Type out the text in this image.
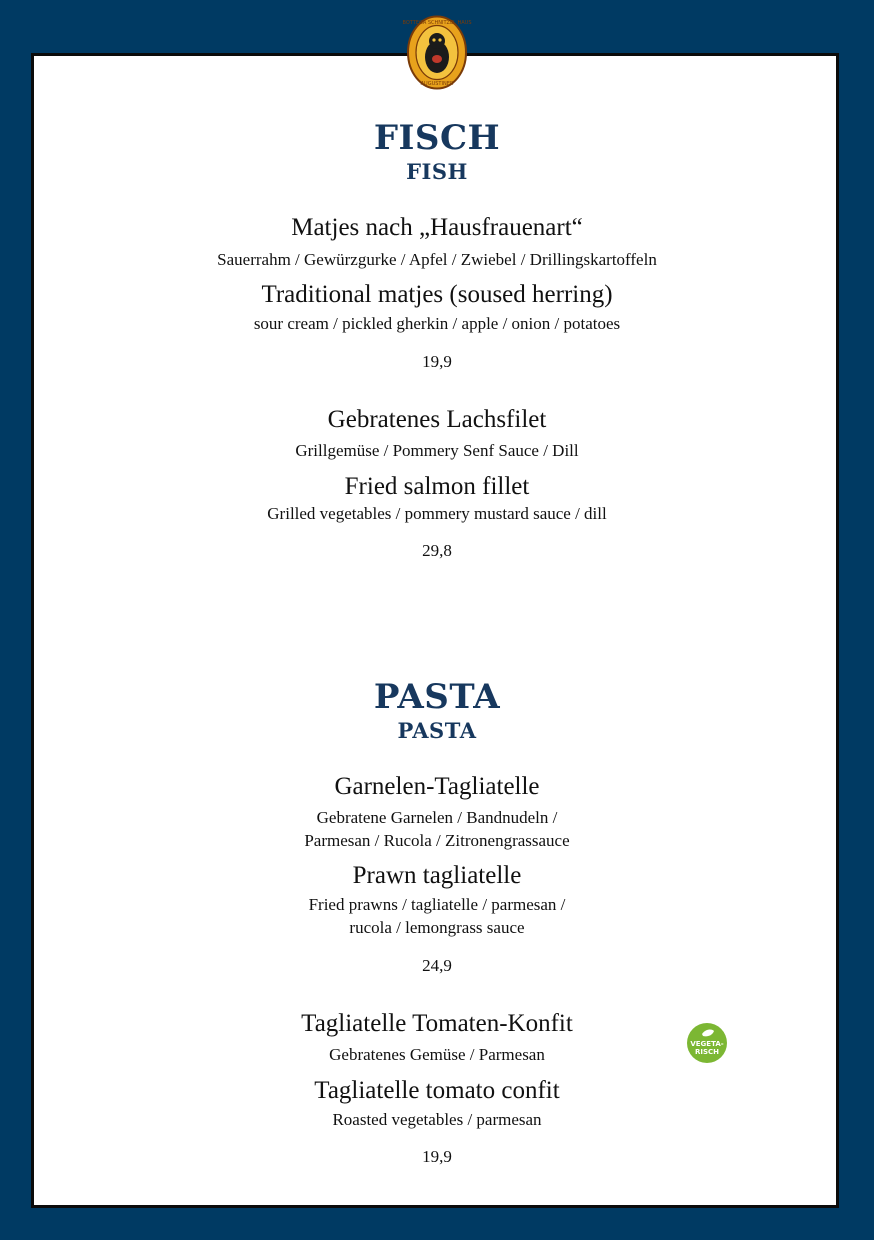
BOTTEGA SCHNITZEL HAUS
AUGUSTINER
FISCH
FISH
Matjes nach „Hausfrauenart“
Sauerrahm / Gewürzgurke / Apfel / Zwiebel / Drillingskartoffeln
Traditional matjes (soused herring)
sour cream / pickled gherkin / apple / onion / potatoes
19,9
Gebratenes Lachsfilet
Grillgemüse / Pommery Senf Sauce / Dill
Fried salmon fillet
Grilled vegetables / pommery mustard sauce / dill
29,8
PASTA
PASTA
Garnelen-Tagliatelle
Gebratene Garnelen / Bandnudeln /
Parmesan / Rucola / Zitronengrassauce
Prawn tagliatelle
Fried prawns / tagliatelle / parmesan /
rucola / lemongrass sauce
24,9
Tagliatelle Tomaten-Konfit
Gebratenes Gemüse / Parmesan
Tagliatelle tomato confit
Roasted vegetables / parmesan
19,9
VEGETA-
RISCH
